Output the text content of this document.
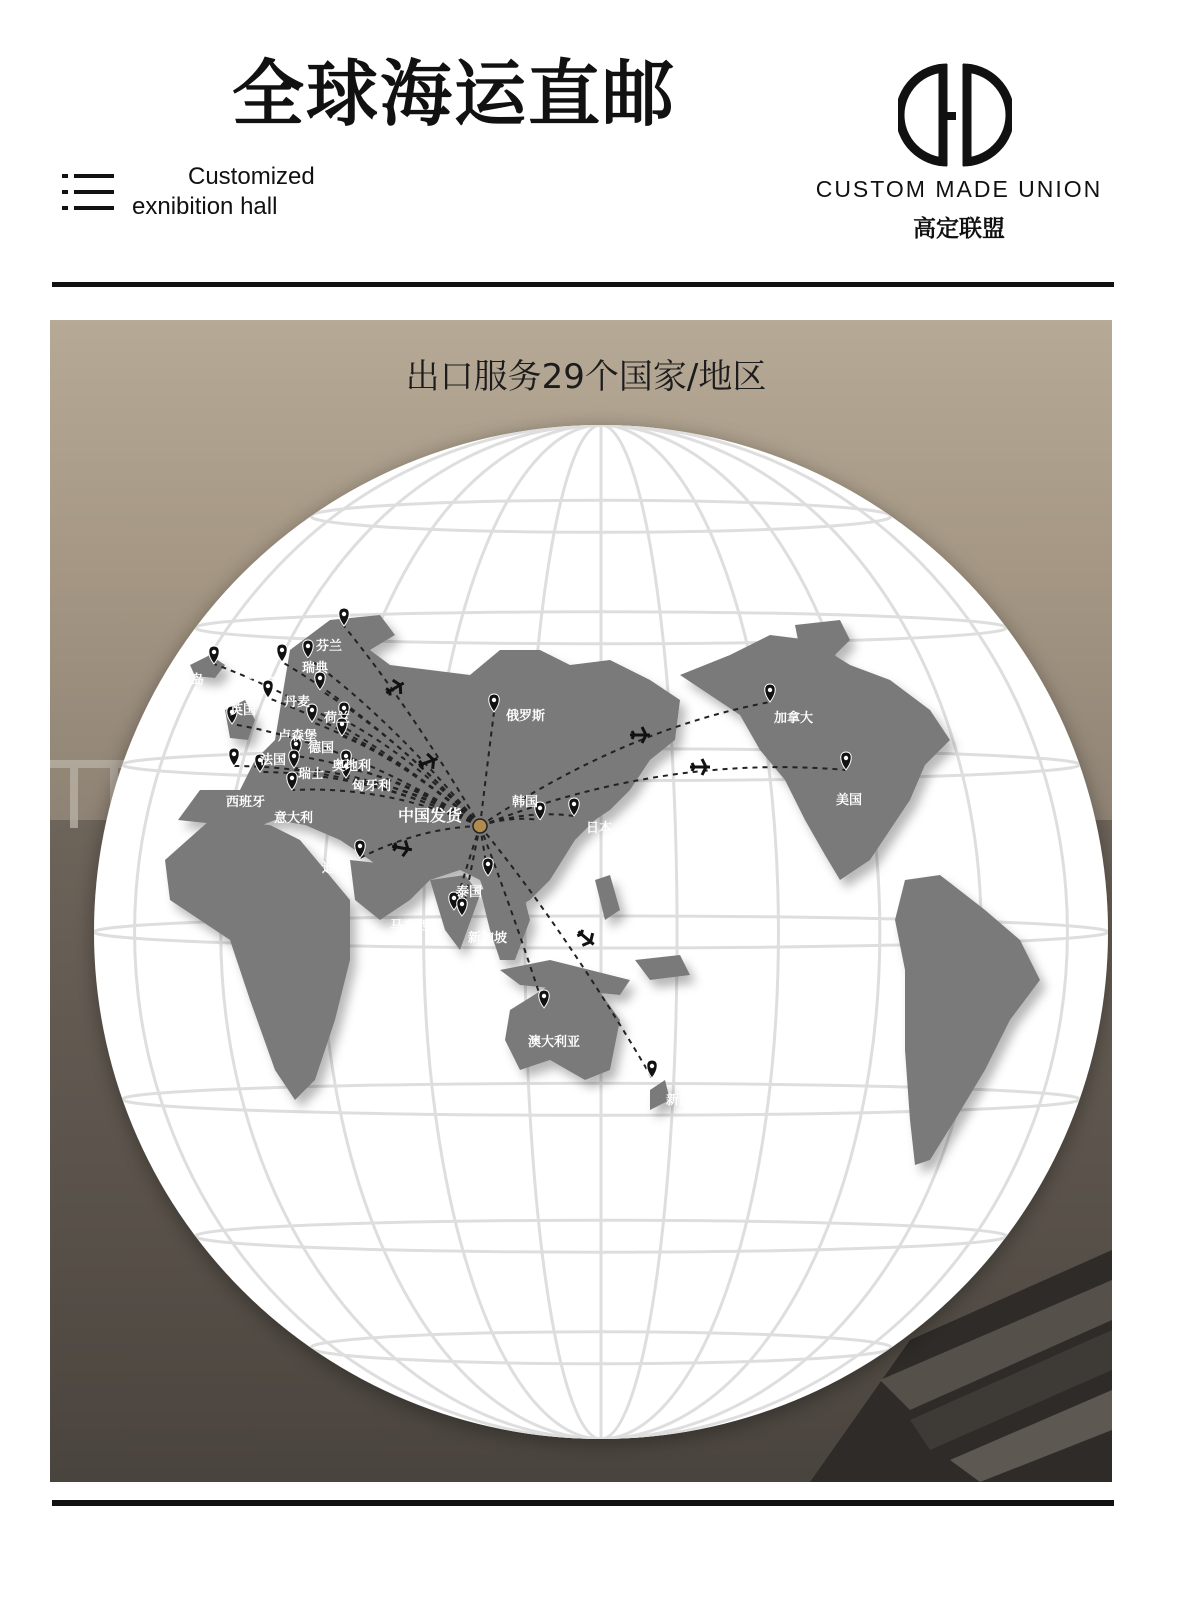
全球海运直邮
Customized
exnibition hall
CUSTOM MADE UNION
高定联盟
芬兰
瑞典
挪威
冰岛
丹麦
英国
荷兰
卢森堡
爱尔兰
德国
法国	奥地利
瑞士
匈牙利
葡萄牙
西班牙
意大利
俄罗斯
韩国
日本
迪拜
泰国
马来西亚
新加坡
澳大利亚
新西兰
加拿大
美国
中国发货
出口服务29个国家/地区
